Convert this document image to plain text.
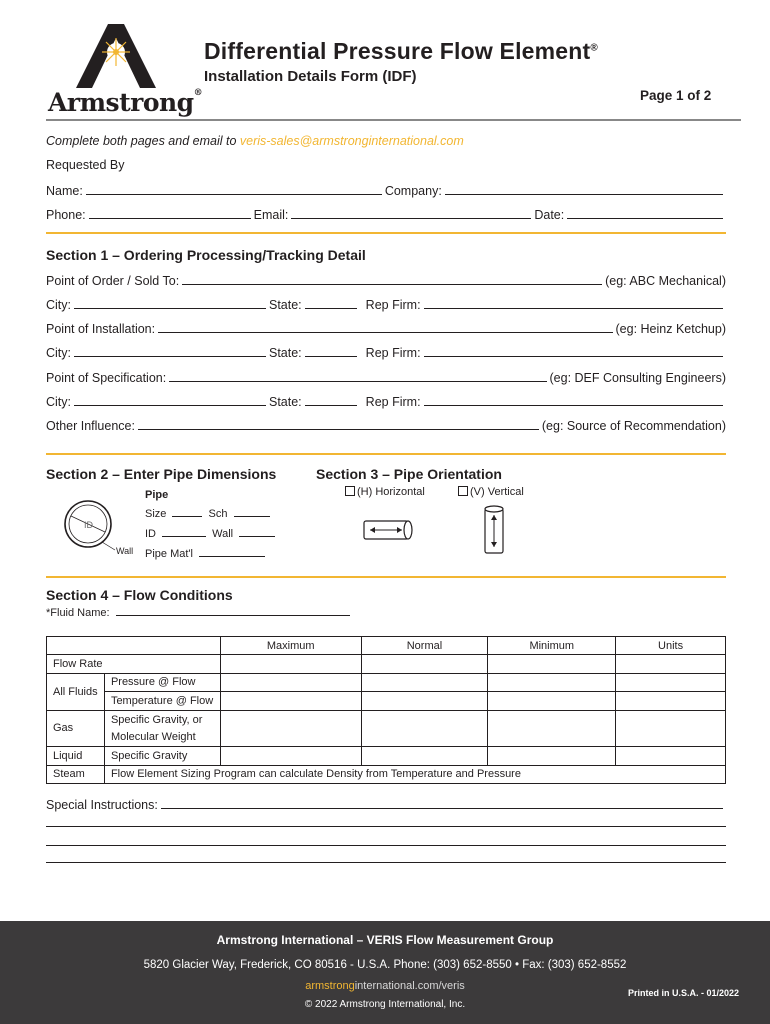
Armstrong®
Differential Pressure Flow Element®
Installation Details Form (IDF)
Page 1 of 2
Complete both pages and email to veris-sales@armstronginternational.com
Requested By
Name:	Company:
Phone:	Email:	Date:
Section 1 – Ordering Processing/Tracking Detail
Point of Order / Sold To:	(eg: ABC Mechanical)
City:	State:	Rep Firm:
Point of Installation:	(eg: Heinz Ketchup)
City:	State:	Rep Firm:
Point of Specification:	(eg: DEF Consulting Engineers)
City:	State:	Rep Firm:
Other Influence:	(eg: Source of Recommendation)
Section 2 – Enter Pipe Dimensions
ID
Wall
Pipe
Size	Sch
ID	Wall
Pipe Mat'l
Section 3 – Pipe Orientation
(H) Horizontal	(V) Vertical
Section 4 – Flow Conditions
*Fluid Name:
		Maximum	Normal	Minimum	Units
Flow Rate					
All Fluids	Pressure @ Flow				
	Temperature @ Flow				
Gas	Specific Gravity, or				
	Molecular Weight				
Liquid	Specific Gravity				
Steam	Flow Element Sizing Program can calculate Density from Temperature and Pressure				
Special Instructions:
Armstrong International – VERIS Flow Measurement Group
5820 Glacier Way, Frederick, CO 80516 - U.S.A. Phone: (303) 652-8550 • Fax: (303) 652-8552
armstronginternational.com/veris
© 2022 Armstrong International, Inc.
Printed in U.S.A. - 01/2022
